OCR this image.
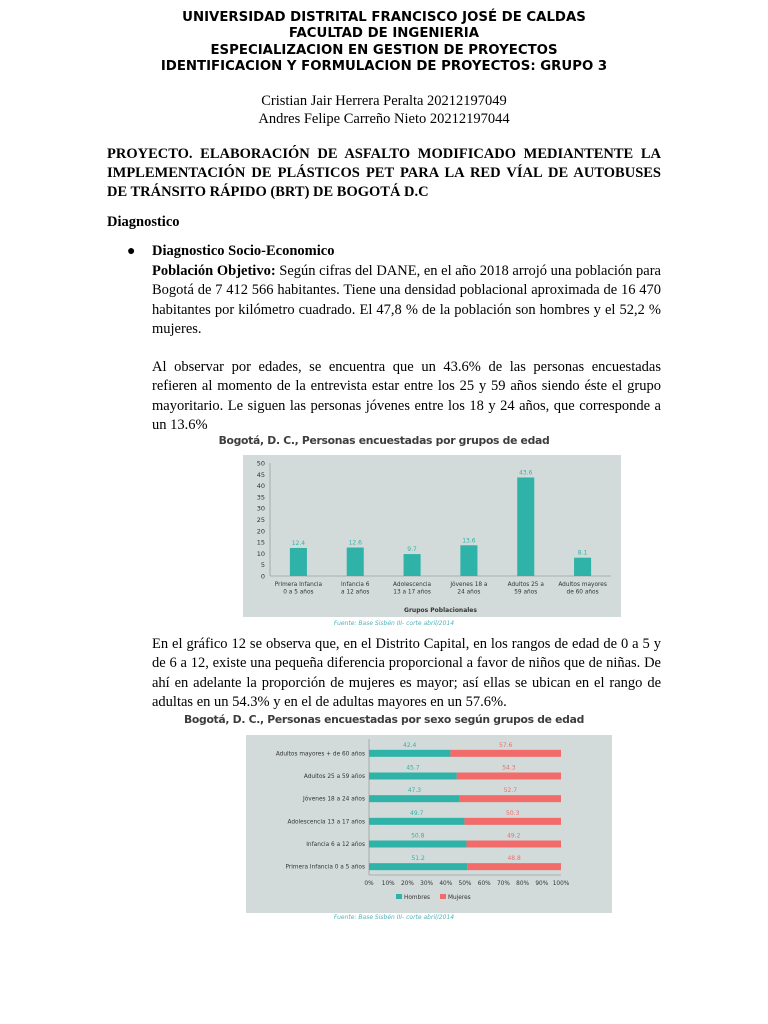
UNIVERSIDAD DISTRITAL FRANCISCO JOSÉ DE CALDAS
FACULTAD DE INGENIERIA
ESPECIALIZACION EN GESTION DE PROYECTOS
IDENTIFICACION Y FORMULACION DE PROYECTOS: GRUPO 3
Cristian Jair Herrera Peralta 20212197049
Andres Felipe Carreño Nieto 20212197044
PROYECTO. ELABORACIÓN DE ASFALTO MODIFICADO MEDIANTENTE LA IMPLEMENTACIÓN DE PLÁSTICOS PET PARA LA RED VÍAL DE AUTOBUSES DE TRÁNSITO RÁPIDO (BRT) DE BOGOTÁ D.C
Diagnostico
● Diagnostico Socio-Economico
Población Objetivo: Según cifras del DANE, en el año 2018 arrojó una población para Bogotá de 7 412 566 habitantes. Tiene una densidad poblacional aproximada de 16 470 habitantes por kilómetro cuadrado. El 47,8 % de la población son hombres y el 52,2 % mujeres.
Al observar por edades, se encuentra que un 43.6% de las personas encuestadas refieren al momento de la entrevista estar entre los 25 y 59 años siendo éste el grupo mayoritario. Le siguen las personas jóvenes entre los 18 y 24 años, que corresponde a un 13.6%
Bogotá, D. C., Personas encuestadas por grupos de edad
0
5
10
15
20
25
30
35
40
45
50
12.4
Primera Infancia
0 a 5 años
12.6
Infancia 6
a 12 años
9.7
Adolescencia
13 a 17 años
13.6
Jóvenes 18 a
24 años
43.6
Adultos 25 a
59 años
8.1
Adultos mayores
de 60 años
Grupos Poblacionales
Fuente: Base Sisbén III- corte abril/2014
En el gráfico 12 se observa que, en el Distrito Capital, en los rangos de edad de 0 a 5 y de 6 a 12, existe una pequeña diferencia proporcional a favor de niños que de niñas. De ahí en adelante la proporción de mujeres es mayor; así ellas se ubican en el rango de adultas en un 54.3% y en el de adultas mayores en un 57.6%.
Bogotá, D. C., Personas encuestadas por sexo según grupos de edad
Adultos mayores + de 60 años
42.4	57.6
Adultos 25 a 59 años
45.7	54.3
Jóvenes 18 a 24 años
47.3	52.7
Adolescencia 13 a 17 años
49.7	50.3
Infancia 6 a 12 años
50.8	49.2
Primera Infancia 0 a 5 años
51.2	48.8
0% 10% 20% 30% 40% 50% 60% 70% 80% 90% 100%
Hombres	Mujeres
Fuente: Base Sisbén III- corte abril/2014
